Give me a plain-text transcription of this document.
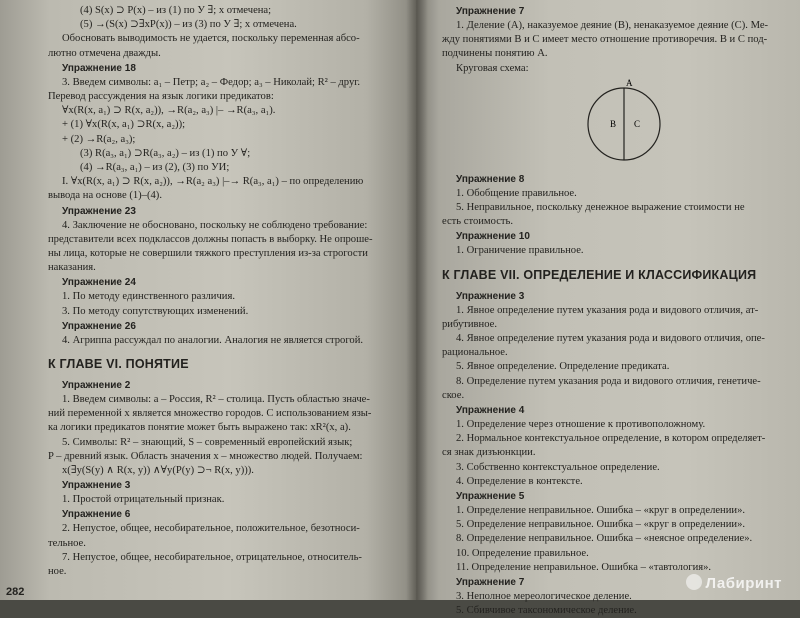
(4) S(x) ⊃ P(x) – из (1) по У ∃; x отмечена;
(5) →(S(x) ⊃∃xP(x)) – из (3) по У ∃; x отмечена.
Обосновать выводимость не удается, поскольку переменная абсо-
лютно отмечена дважды.
Упражнение 18
3. Введем символы: a₁ – Петр; a₂ – Федор; a₃ – Николай; R² – друг.
Перевод рассуждения на язык логики предикатов:
∀x(R(x, a₁) ⊃ R(x, a₂)), →R(a₂, a₃) |– →R(a₃, a₁).
+ (1) ∀x(R(x, a₁) ⊃R(x, a₂));
+ (2) →R(a₂, a₃);
(3) R(a₃, a₁) ⊃R(a₃, a₂) – из (1) по У ∀;
(4) →R(a₃, a₁) – из (2), (3) по УИ;
I. ∀x(R(x, a₁) ⊃ R(x, a₂)), →R(a₂ a₃) |–→ R(a₃, a₁) – по определению
вывода на основе (1)–(4).
Упражнение 23
4. Заключение не обосновано, поскольку не соблюдено требование:
представители всех подклассов должны попасть в выборку. Не опроше-
ны лица, которые не совершили тяжкого преступления из-за строгости
наказания.
Упражнение 24
1. По методу единственного различия.
3. По методу сопутствующих изменений.
Упражнение 26
4. Агриппа рассуждал по аналогии. Аналогия не является строгой.
К ГЛАВЕ VI. ПОНЯТИЕ
Упражнение 2
1. Введем символы: a – Россия, R² – столица. Пусть областью значе-
ний переменной x является множество городов. С использованием язы-
ка логики предикатов понятие может быть выражено так: xR²(x, a).
5. Символы: R² – знающий, S – современный европейский язык;
P – древний язык. Область значения x – множество людей. Получаем:
x(∃y(S(y) ∧ R(x, y)) ∧∀y(P(y) ⊃¬ R(x, y))).
Упражнение 3
1. Простой отрицательный признак.
Упражнение 6
2. Непустое, общее, несобирательное, положительное, безотноси-
тельное.
7. Непустое, общее, несобирательное, отрицательное, относитель-
ное.
282
Упражнение 7
1. Деление (A), наказуемое деяние (B), ненаказуемое деяние (C). Ме-
жду понятиями B и C имеет место отношение противоречия. B и C под-
подчинены понятию A.
Круговая схема:
A
B C
Упражнение 8
1. Обобщение правильное.
5. Неправильное, поскольку денежное выражение стоимости не
есть стоимость.
Упражнение 10
1. Ограничение правильное.
К ГЛАВЕ VII. ОПРЕДЕЛЕНИЕ И КЛАССИФИКАЦИЯ
Упражнение 3
1. Явное определение путем указания рода и видового отличия, ат-
рибутивное.
4. Явное определение путем указания рода и видового отличия, опе-
рациональное.
5. Явное определение. Определение предиката.
8. Определение путем указания рода и видового отличия, генетиче-
ское.
Упражнение 4
1. Определение через отношение к противоположному.
2. Нормальное контекстуальное определение, в котором определяет-
ся знак дизъюнкции.
3. Собственно контекстуальное определение.
4. Определение в контексте.
Упражнение 5
1. Определение неправильное. Ошибка – «круг в определении».
5. Определение неправильное. Ошибка – «круг в определении».
8. Определение неправильное. Ошибка – «неясное определение».
10. Определение правильное.
11. Определение неправильное. Ошибка – «тавтология».
Упражнение 7
3. Неполное мереологическое деление.
5. Сбивчивое таксономическое деление.
Лабиринт
